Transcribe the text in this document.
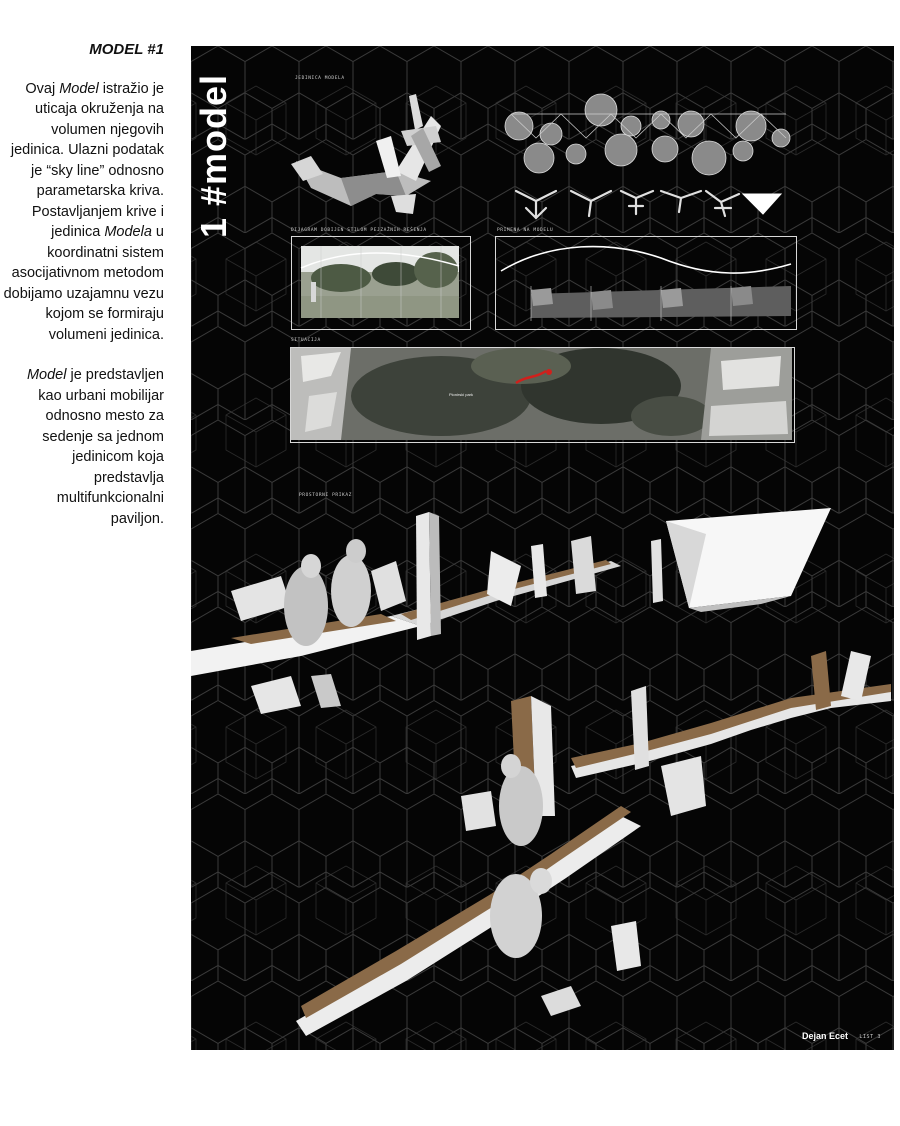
MODEL #1

Ovaj Model istražio je uticaja okruženja na volumen njegovih jedinica. Ulazni podatak je “sky line” odnosno parametarska kriva. Postavljanjem krive i jedinica Modela u koordinatni sistem asocijativnom metodom dobijamo uzajamnu vezu kojom se formiraju volumeni jedinica.

Model je predstavljen kao urbani mobilijar odnosno mesto za sedenje sa jednom jedinicom koja predstavlja multifunkcionalni paviljon.

1 #model	JEDINICA MODELA
DIJAGRAM DOBIJEN STILOM PEJZAŽNIH REŠENJA	PRIMENA NA MODELU
SITUACIJA
PROSTORNI PRIKAZ
Pionirski park
Dejan Ecet LIST 3
